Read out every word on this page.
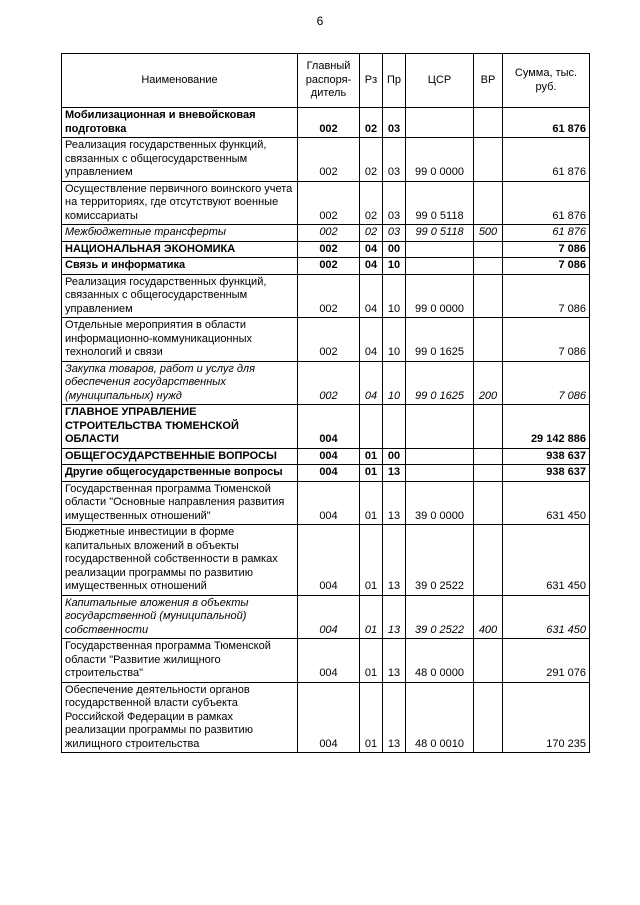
6
Наименование	Главный распоря-дитель	Рз	Пр	ЦСР	ВР	Сумма, тыс. руб.
Мобилизационная и вневойсковая подготовка	002	02	03			61 876
Реализация государственных функций, связанных с общегосударственным управлением	002	02	03	99 0 0000		61 876
Осуществление первичного воинского учета на территориях, где отсутствуют военные комиссариаты	002	02	03	99 0 5118		61 876
Межбюджетные трансферты	002	02	03	99 0 5118	500	61 876
НАЦИОНАЛЬНАЯ ЭКОНОМИКА	002	04	00			7 086
Связь и информатика	002	04	10			7 086
Реализация государственных функций, связанных с общегосударственным управлением	002	04	10	99 0 0000		7 086
Отдельные мероприятия в области информационно-коммуникационных технологий и связи	002	04	10	99 0 1625		7 086
Закупка товаров, работ и услуг для обеспечения государственных (муниципальных) нужд	002	04	10	99 0 1625	200	7 086
ГЛАВНОЕ УПРАВЛЕНИЕ СТРОИТЕЛЬСТВА ТЮМЕНСКОЙ ОБЛАСТИ	004					29 142 886
ОБЩЕГОСУДАРСТВЕННЫЕ ВОПРОСЫ	004	01	00			938 637
Другие общегосударственные вопросы	004	01	13			938 637
Государственная программа Тюменской области "Основные направления развития имущественных отношений"	004	01	13	39 0 0000		631 450
Бюджетные инвестиции в форме капитальных вложений в объекты государственной собственности в рамках реализации программы по развитию имущественных отношений	004	01	13	39 0 2522		631 450
Капитальные вложения в объекты государственной (муниципальной) собственности	004	01	13	39 0 2522	400	631 450
Государственная программа Тюменской области "Развитие жилищного строительства"	004	01	13	48 0 0000		291 076
Обеспечение деятельности органов государственной власти субъекта Российской Федерации в рамках реализации программы по развитию жилищного строительства	004	01	13	48 0 0010		170 235
